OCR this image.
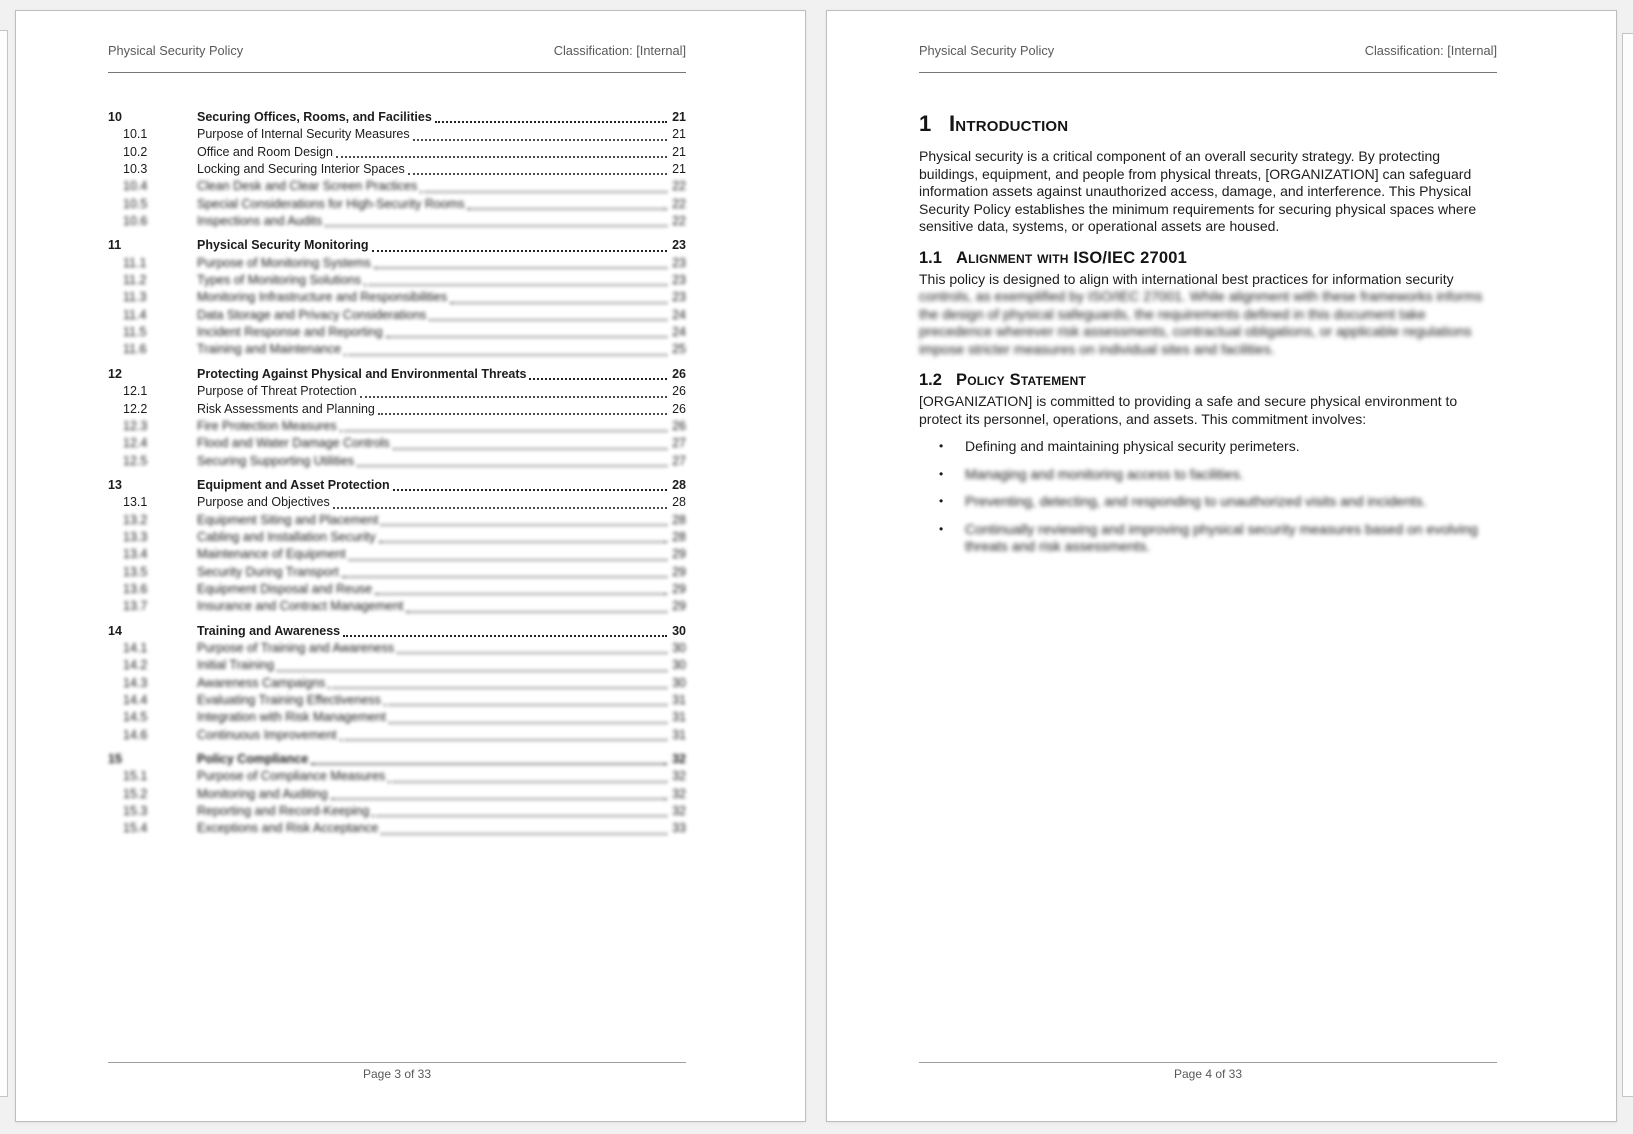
Physical Security Policy	Classification: [Internal]
10	Securing Offices, Rooms, and Facilities	21
10.1	Purpose of Internal Security Measures	21
10.2	Office and Room Design	21
10.3	Locking and Securing Interior Spaces	21
10.4	Clean Desk and Clear Screen Practices	22
10.5	Special Considerations for High-Security Rooms	22
10.6	Inspections and Audits	22
11	Physical Security Monitoring	23
11.1	Purpose of Monitoring Systems	23
11.2	Types of Monitoring Solutions	23
11.3	Monitoring Infrastructure and Responsibilities	23
11.4	Data Storage and Privacy Considerations	24
11.5	Incident Response and Reporting	24
11.6	Training and Maintenance	25
12	Protecting Against Physical and Environmental Threats	26
12.1	Purpose of Threat Protection	26
12.2	Risk Assessments and Planning	26
12.3	Fire Protection Measures	26
12.4	Flood and Water Damage Controls	27
12.5	Securing Supporting Utilities	27
13	Equipment and Asset Protection	28
13.1	Purpose and Objectives	28
13.2	Equipment Siting and Placement	28
13.3	Cabling and Installation Security	28
13.4	Maintenance of Equipment	29
13.5	Security During Transport	29
13.6	Equipment Disposal and Reuse	29
13.7	Insurance and Contract Management	29
14	Training and Awareness	30
14.1	Purpose of Training and Awareness	30
14.2	Initial Training	30
14.3	Awareness Campaigns	30
14.4	Evaluating Training Effectiveness	31
14.5	Integration with Risk Management	31
14.6	Continuous Improvement	31
15	Policy Compliance	32
15.1	Purpose of Compliance Measures	32
15.2	Monitoring and Auditing	32
15.3	Reporting and Record-Keeping	32
15.4	Exceptions and Risk Acceptance	33
Page 3 of 33
Physical Security Policy	Classification: [Internal]
1 Introduction
Physical security is a critical component of an overall security strategy. By protecting buildings, equipment, and people from physical threats, [ORGANIZATION] can safeguard information assets against unauthorized access, damage, and interference. This Physical Security Policy establishes the minimum requirements for securing physical spaces where sensitive data, systems, or operational assets are housed.
1.1 Alignment with ISO/IEC 27001
This policy is designed to align with international best practices for information security
controls, as exemplified by ISO/IEC 27001. While alignment with these frameworks informs the design of physical safeguards, the requirements defined in this document take precedence wherever risk assessments, contractual obligations, or applicable regulations impose stricter measures on individual sites and facilities.
1.2 Policy Statement
[ORGANIZATION] is committed to providing a safe and secure physical environment to protect its personnel, operations, and assets. This commitment involves:
•	Defining and maintaining physical security perimeters.
•	Managing and monitoring access to facilities.
•	Preventing, detecting, and responding to unauthorized visits and incidents.
•	Continually reviewing and improving physical security measures based on evolving threats and risk assessments.
Page 4 of 33
